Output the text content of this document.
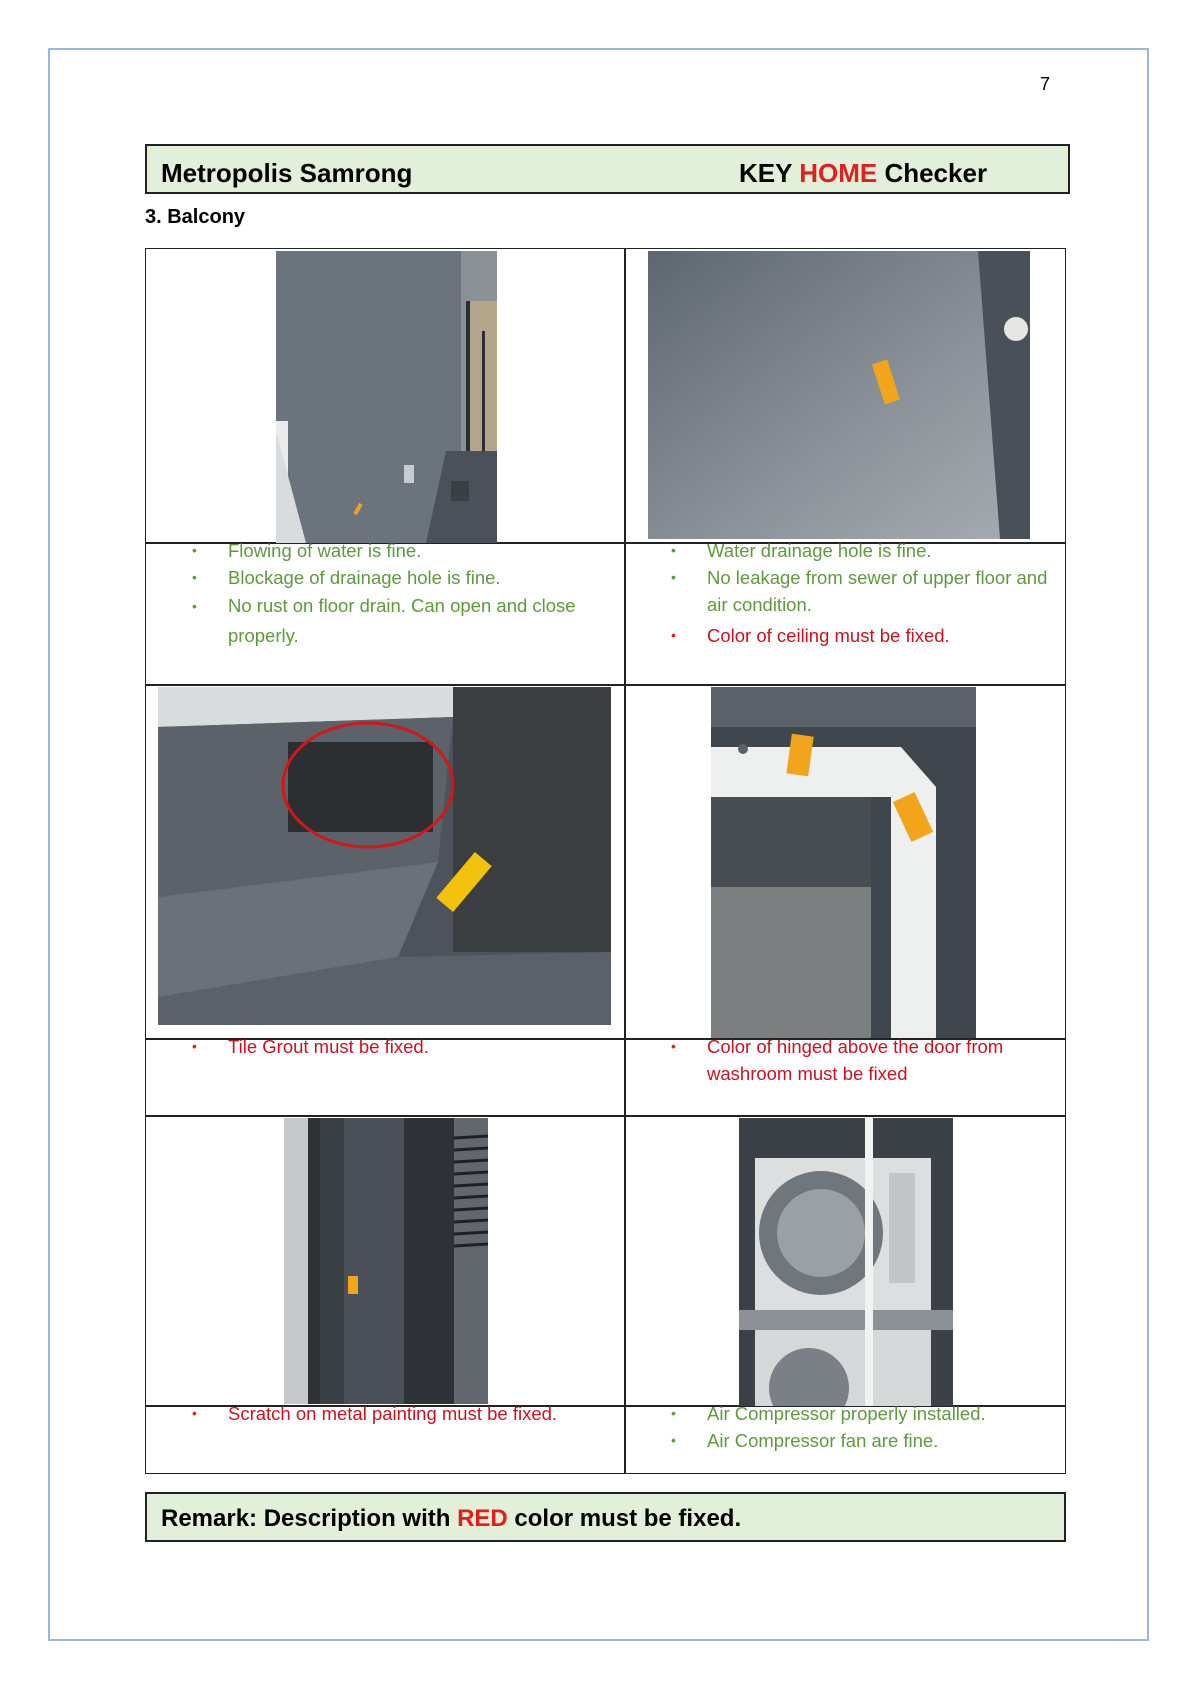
7
Metropolis Samrong	KEY HOME Checker
3. Balcony
• Flowing of water is fine.
• Blockage of drainage hole is fine.
• No rust on floor drain. Can open and close properly.
• Water drainage hole is fine.
• No leakage from sewer of upper floor and air condition.
• Color of ceiling must be fixed.
• Tile Grout must be fixed.	• Color of hinged above the door from washroom must be fixed
• Scratch on metal painting must be fixed.	• Air Compressor properly installed.
• Air Compressor fan are fine.
Remark: Description with RED color must be fixed.
